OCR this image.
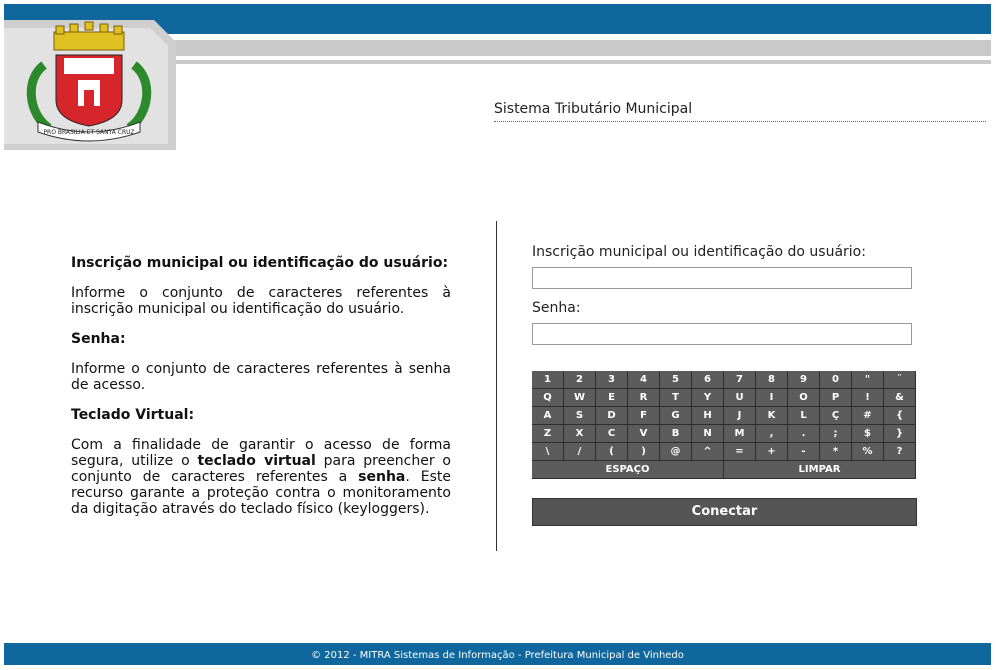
PRO BRASILIA ET SANTA CRUZ
Sistema Tributário Municipal
Inscrição municipal ou identificação do usuário:

Informe o conjunto de caracteres referentes à inscrição municipal ou identificação do usuário.

Senha:

Informe o conjunto de caracteres referentes à senha de acesso.

Teclado Virtual:

Com a finalidade de garantir o acesso de forma segura, utilize o teclado virtual para preencher o conjunto de caracteres referentes a senha. Este recurso garante a proteção contra o monitoramento da digitação através do teclado físico (keyloggers).

Inscrição municipal ou identificação do usuário:
Senha:
1	2	3	4	5	6	7	8	9	0	"	¨
Q	W	E	R	T	Y	U	I	O	P	!	&
A	S	D	F	G	H	J	K	L	Ç	#	{
Z	X	C	V	B	N	M	,	.	;	$	}
\	/	(	)	@	^	=	+	-	*	%	?
ESPAÇO	LIMPAR
Conectar
© 2012 - MITRA Sistemas de Informação - Prefeitura Municipal de Vinhedo
